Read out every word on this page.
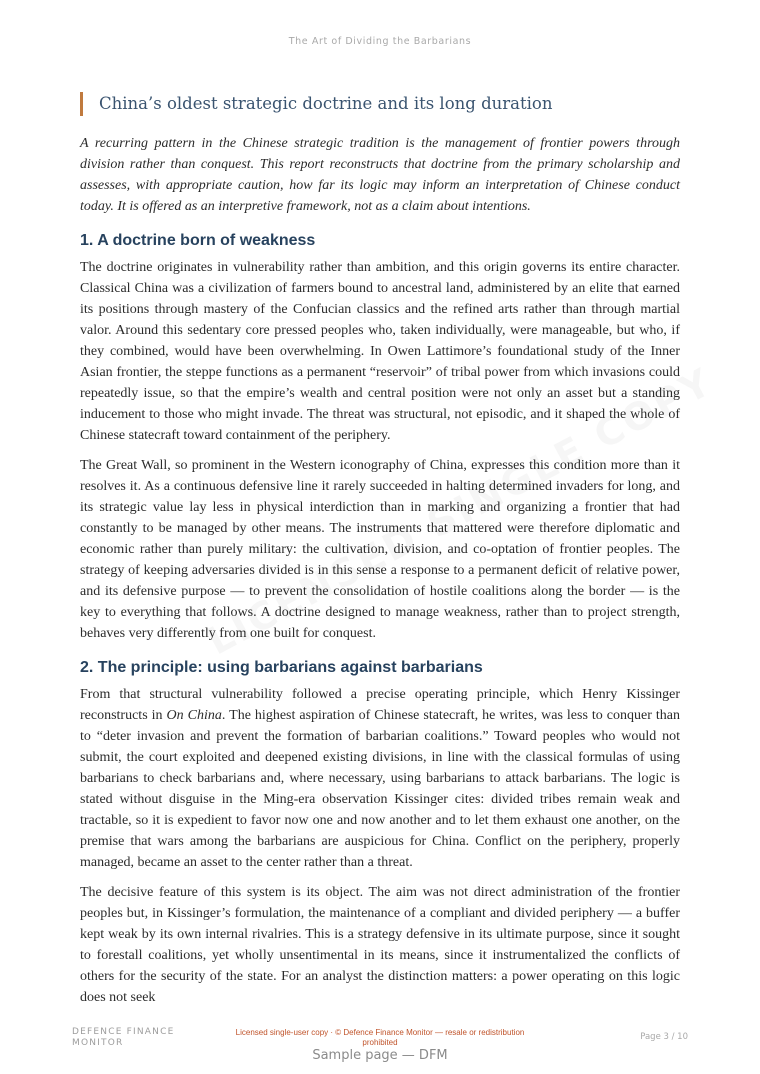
The Art of Dividing the Barbarians
China’s oldest strategic doctrine and its long duration

A recurring pattern in the Chinese strategic tradition is the management of frontier powers through division rather than conquest. This report reconstructs that doctrine from the primary scholarship and assesses, with appropriate caution, how far its logic may inform an interpretation of Chinese conduct today. It is offered as an interpretive framework, not as a claim about intentions.

1. A doctrine born of weakness

The doctrine originates in vulnerability rather than ambition, and this origin governs its entire character. Classical China was a civilization of farmers bound to ancestral land, administered by an elite that earned its positions through mastery of the Confucian classics and the refined arts rather than through martial valor. Around this sedentary core pressed peoples who, taken individually, were manageable, but who, if they combined, would have been overwhelming. In Owen Lattimore’s foundational study of the Inner Asian frontier, the steppe functions as a permanent “reservoir” of tribal power from which invasions could repeatedly issue, so that the empire’s wealth and central position were not only an asset but a standing inducement to those who might invade. The threat was structural, not episodic, and it shaped the whole of Chinese statecraft toward containment of the periphery.

The Great Wall, so prominent in the Western iconography of China, expresses this condition more than it resolves it. As a continuous defensive line it rarely succeeded in halting determined invaders for long, and its strategic value lay less in physical interdiction than in marking and organizing a frontier that had constantly to be managed by other means. The instruments that mattered were therefore diplomatic and economic rather than purely military: the cultivation, division, and co-optation of frontier peoples. The strategy of keeping adversaries divided is in this sense a response to a permanent deficit of relative power, and its defensive purpose — to prevent the consolidation of hostile coalitions along the border — is the key to everything that follows. A doctrine designed to manage weakness, rather than to project strength, behaves very differently from one built for conquest.

2. The principle: using barbarians against barbarians

From that structural vulnerability followed a precise operating principle, which Henry Kissinger reconstructs in On China. The highest aspiration of Chinese statecraft, he writes, was less to conquer than to “deter invasion and prevent the formation of barbarian coalitions.” Toward peoples who would not submit, the court exploited and deepened existing divisions, in line with the classical formulas of using barbarians to check barbarians and, where necessary, using barbarians to attack barbarians. The logic is stated without disguise in the Ming-era observation Kissinger cites: divided tribes remain weak and tractable, so it is expedient to favor now one and now another and to let them exhaust one another, on the premise that wars among the barbarians are auspicious for China. Conflict on the periphery, properly managed, became an asset to the center rather than a threat.

The decisive feature of this system is its object. The aim was not direct administration of the frontier peoples but, in Kissinger’s formulation, the maintenance of a compliant and divided periphery — a buffer kept weak by its own internal rivalries. This is a strategy defensive in its ultimate purpose, since it sought to forestall coalitions, yet wholly unsentimental in its means, since it instrumentalized the conflicts of others for the security of the state. For an analyst the distinction matters: a power operating on this logic does not seek

DEFENCE FINANCE
MONITOR
Licensed single-user copy · © Defence Finance Monitor — resale or redistribution prohibited
Page 3 / 10
Sample page — DFM
